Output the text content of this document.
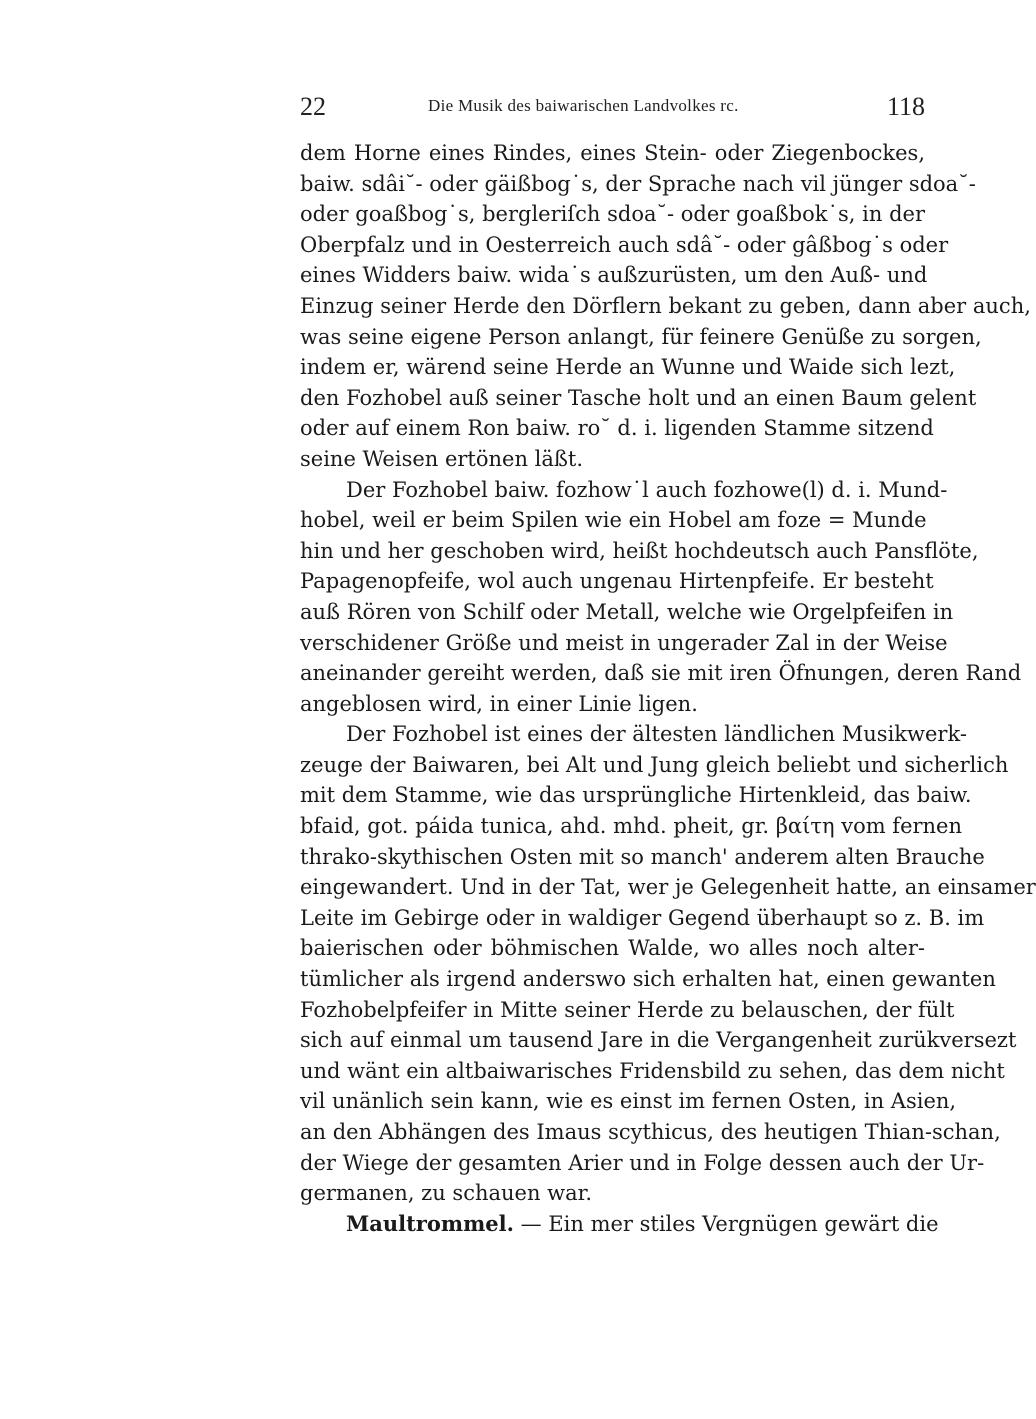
22	Die Musik des baiwarischen Landvolkes rc.	118
dem Horne eines Rindes, eines Stein- oder Ziegenbockes,
baiw. sdâi˘- oder gäißbog˙s, der Sprache nach vil jünger sdoa˘-
oder goaßbog˙s, bergleriſch sdoa˘- oder goaßbok˙s, in der
Oberpfalz und in Oesterreich auch sdâ˘- oder gâßbog˙s oder
eines Widders baiw. wida˙s außzurüsten, um den Auß- und
Einzug seiner Herde den Dörflern bekant zu geben, dann aber auch,
was seine eigene Person anlangt, für feinere Genüße zu sorgen,
indem er, wärend seine Herde an Wunne und Waide sich lezt,
den Fozhobel auß seiner Tasche holt und an einen Baum gelent
oder auf einem Ron baiw. ro˘ d. i. ligenden Stamme sitzend
seine Weisen ertönen läßt.
Der Fozhobel baiw. fozhow˙l auch fozhowe(l) d. i. Mund-
hobel, weil er beim Spilen wie ein Hobel am foze = Munde
hin und her geschoben wird, heißt hochdeutsch auch Pansflöte,
Papagenopfeife, wol auch ungenau Hirtenpfeife. Er besteht
auß Rören von Schilf oder Metall, welche wie Orgelpfeifen in
verschidener Größe und meist in ungerader Zal in der Weise
aneinander gereiht werden, daß sie mit iren Öfnungen, deren Rand
angeblosen wird, in einer Linie ligen.
Der Fozhobel ist eines der ältesten ländlichen Musikwerk-
zeuge der Baiwaren, bei Alt und Jung gleich beliebt und sicherlich
mit dem Stamme, wie das ursprüngliche Hirtenkleid, das baiw.
bfaid, got. páida tunica, ahd. mhd. pheit, gr. βαίτη vom fernen
thrako-skythischen Osten mit so manch' anderem alten Brauche
eingewandert. Und in der Tat, wer je Gelegenheit hatte, an einsamer
Leite im Gebirge oder in waldiger Gegend überhaupt so z. B. im
baierischen oder böhmischen Walde, wo alles noch alter-
tümlicher als irgend anderswo sich erhalten hat, einen gewanten
Fozhobelpfeifer in Mitte seiner Herde zu belauschen, der fült
sich auf einmal um tausend Jare in die Vergangenheit zurükversezt
und wänt ein altbaiwarisches Fridensbild zu sehen, das dem nicht
vil unänlich sein kann, wie es einst im fernen Osten, in Asien,
an den Abhängen des Imaus scythicus, des heutigen Thian-schan,
der Wiege der gesamten Arier und in Folge dessen auch der Ur-
germanen, zu schauen war.
Maultrommel. — Ein mer stiles Vergnügen gewärt die
